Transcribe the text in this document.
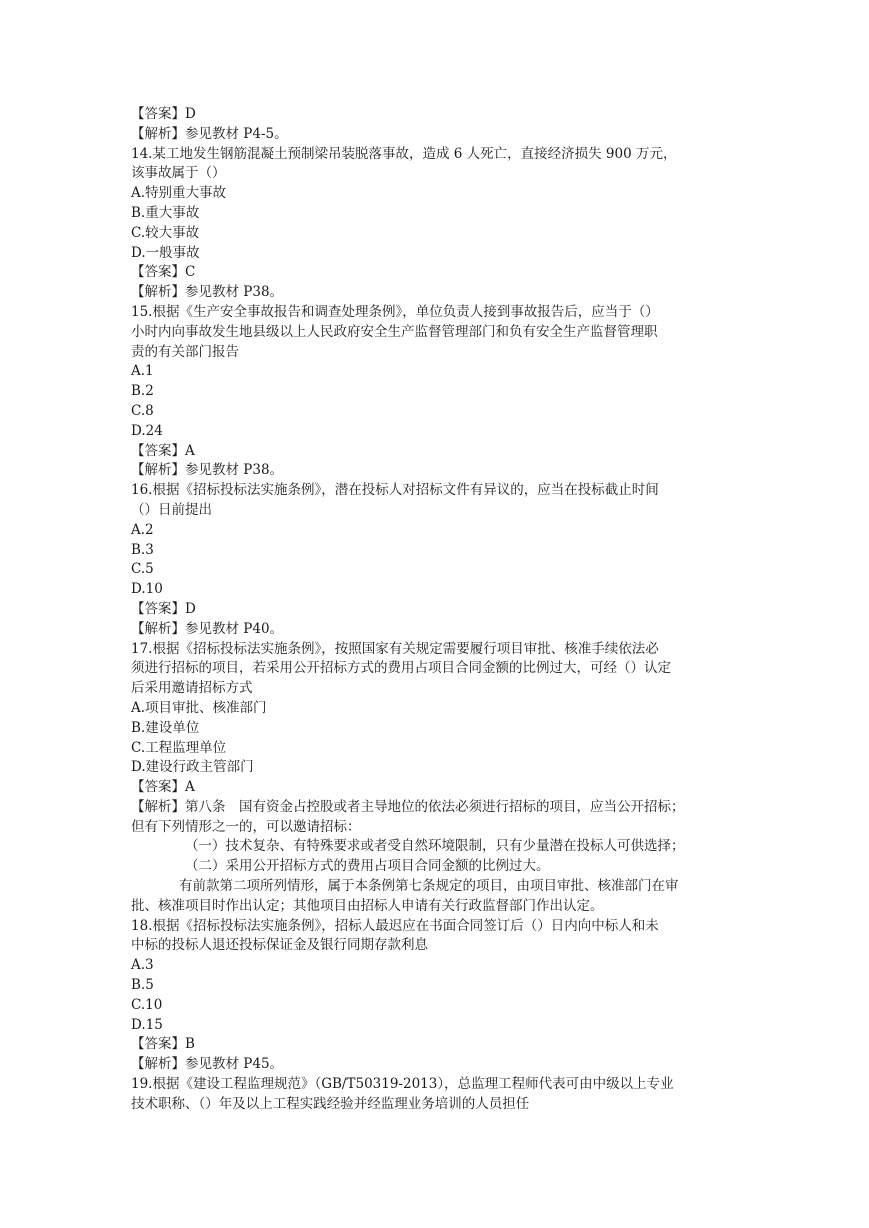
【答案】D
【解析】参见教材 P4-5。
14.某工地发生钢筋混凝土预制梁吊装脱落事故，造成 6 人死亡，直接经济损失 900 万元，
该事故属于（）
A.特别重大事故
B.重大事故
C.较大事故
D.一般事故
【答案】C
【解析】参见教材 P38。
15.根据《生产安全事故报告和调查处理条例》，单位负责人接到事故报告后，应当于（）
小时内向事故发生地县级以上人民政府安全生产监督管理部门和负有安全生产监督管理职
责的有关部门报告
A.1
B.2
C.8
D.24
【答案】A
【解析】参见教材 P38。
16.根据《招标投标法实施条例》，潜在投标人对招标文件有异议的，应当在投标截止时间
（）日前提出
A.2
B.3
C.5
D.10
【答案】D
【解析】参见教材 P40。
17.根据《招标投标法实施条例》，按照国家有关规定需要履行项目审批、核准手续依法必
须进行招标的项目，若采用公开招标方式的费用占项目合同金额的比例过大，可经（）认定
后采用邀请招标方式
A.项目审批、核准部门
B.建设单位
C.工程监理单位
D.建设行政主管部门
【答案】A
【解析】第八条　国有资金占控股或者主导地位的依法必须进行招标的项目，应当公开招标；
但有下列情形之一的，可以邀请招标：
（一）技术复杂、有特殊要求或者受自然环境限制，只有少量潜在投标人可供选择；
（二）采用公开招标方式的费用占项目合同金额的比例过大。
有前款第二项所列情形，属于本条例第七条规定的项目，由项目审批、核准部门在审
批、核准项目时作出认定；其他项目由招标人申请有关行政监督部门作出认定。
18.根据《招标投标法实施条例》，招标人最迟应在书面合同签订后（）日内向中标人和未
中标的投标人退还投标保证金及银行同期存款利息
A.3
B.5
C.10
D.15
【答案】B
【解析】参见教材 P45。
19.根据《建设工程监理规范》（GB/T50319-2013），总监理工程师代表可由中级以上专业
技术职称、（）年及以上工程实践经验并经监理业务培训的人员担任
